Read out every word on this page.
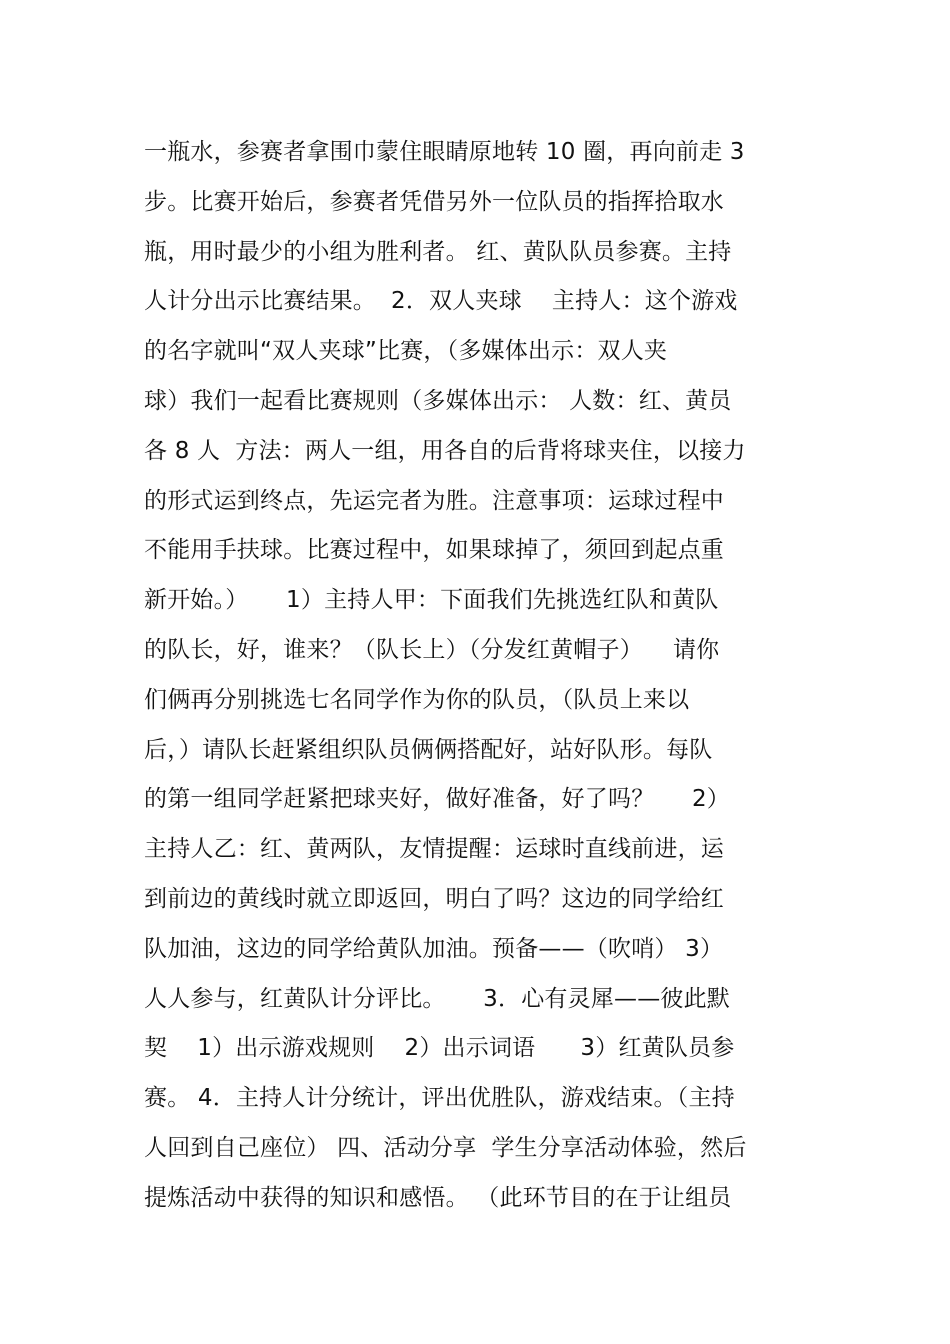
一瓶水，参赛者拿围巾蒙住眼睛原地转 10 圈，再向前走 3
步。比赛开始后，参赛者凭借另外一位队员的指挥拾取水
瓶，用时最少的小组为胜利者。 红、黄队队员参赛。主持
人计分出示比赛结果。  2．双人夹球    主持人：这个游戏
的名字就叫“双人夹球”比赛，（多媒体出示：双人夹
球）我们一起看比赛规则（多媒体出示： 人数：红、黄员
各 8 人  方法：两人一组，用各自的后背将球夹住，以接力
的形式运到终点，先运完者为胜。注意事项：运球过程中
不能用手扶球。比赛过程中，如果球掉了，须回到起点重
新开始。）     1）主持人甲：下面我们先挑选红队和黄队
的队长，好，谁来？（队长上）（分发红黄帽子）    请你
们俩再分别挑选七名同学作为你的队员，（队员上来以
后，）请队长赶紧组织队员俩俩搭配好，站好队形。每队
的第一组同学赶紧把球夹好，做好准备，好了吗？     2）
主持人乙：红、黄两队，友情提醒：运球时直线前进，运
到前边的黄线时就立即返回，明白了吗？这边的同学给红
队加油，这边的同学给黄队加油。预备——（吹哨） 3）
人人参与，红黄队计分评比。     3．心有灵犀——彼此默
契    1）出示游戏规则    2）出示词语      3）红黄队员参
赛。 4．主持人计分统计，评出优胜队，游戏结束。（主持
人回到自己座位） 四、活动分享  学生分享活动体验，然后
提炼活动中获得的知识和感悟。 （此环节目的在于让组员
